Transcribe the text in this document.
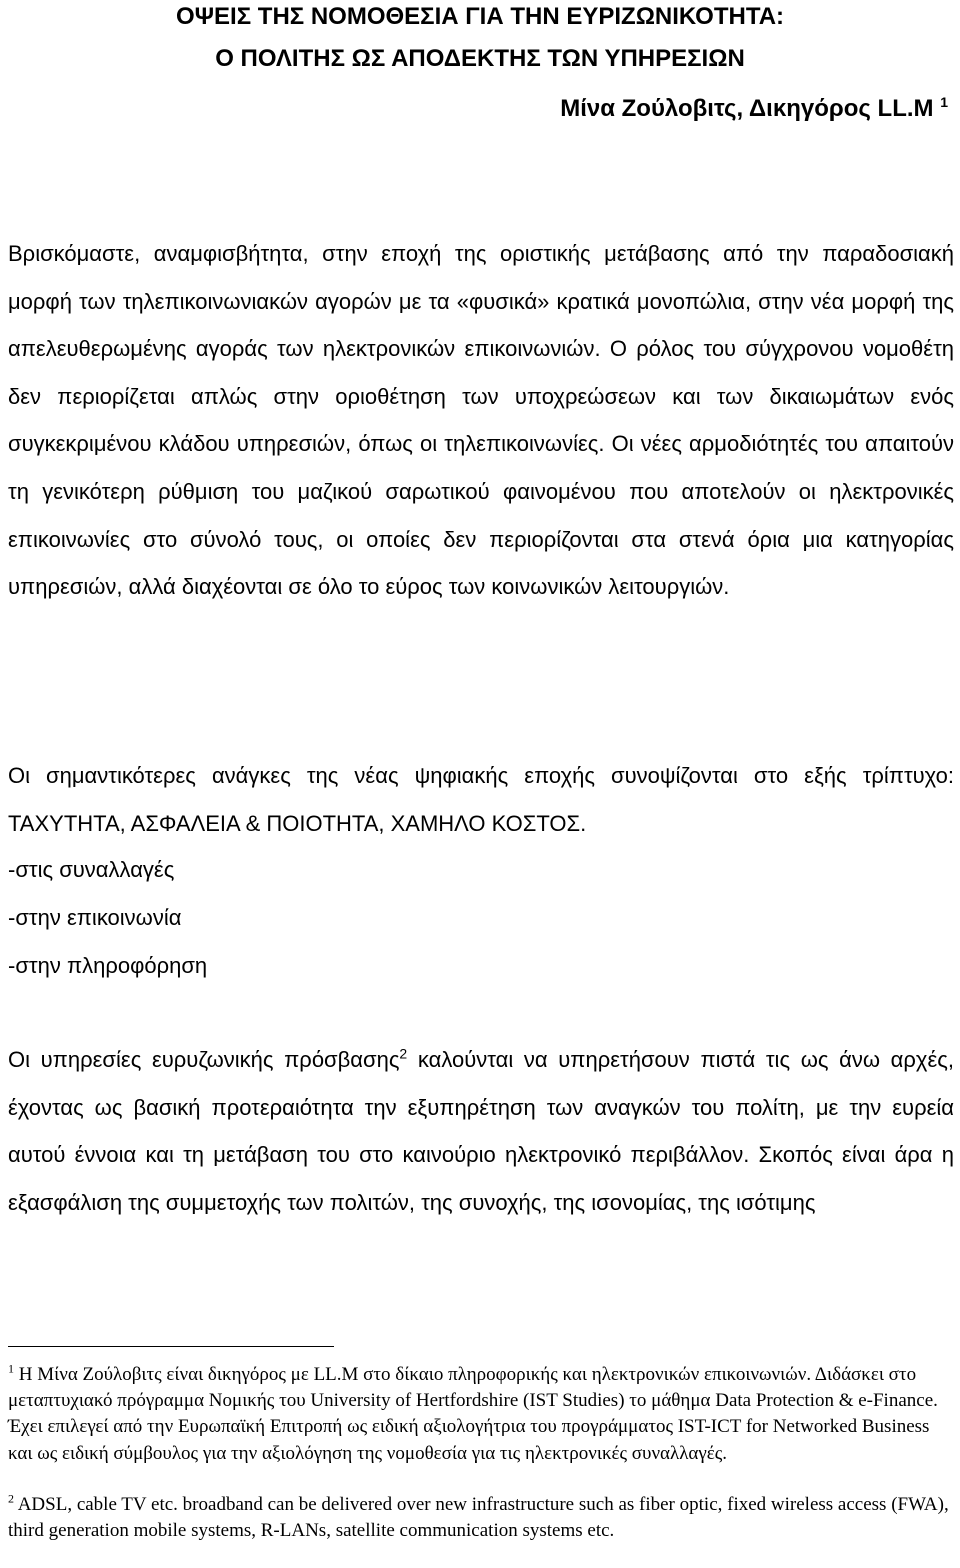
ΟΨΕΙΣ ΤΗΣ ΝΟΜΟΘΕΣΙΑ ΓΙΑ ΤΗΝ ΕΥΡΙΖΩΝΙΚΟΤΗΤΑ:
Ο ΠΟΛΙΤΗΣ ΩΣ ΑΠΟΔΕΚΤΗΣ ΤΩΝ ΥΠΗΡΕΣΙΩΝ
Μίνα Ζούλοβιτς, Δικηγόρος LL.M $^1$

Βρισκόμαστε, αναμφισβήτητα, στην εποχή της οριστικής μετάβασης από την παραδοσιακή μορφή των τηλεπικοινωνιακών αγορών με τα «φυσικά» κρατικά μονοπώλια, στην νέα μορφή της απελευθερωμένης αγοράς των ηλεκτρονικών επικοινωνιών. Ο ρόλος του σύγχρονου νομοθέτη δεν περιορίζεται απλώς στην οριοθέτηση των υποχρεώσεων και των δικαιωμάτων ενός συγκεκριμένου κλάδου υπηρεσιών, όπως οι τηλεπικοινωνίες. Οι νέες αρμοδιότητές του απαιτούν τη γενικότερη ρύθμιση του μαζικού σαρωτικού φαινομένου που αποτελούν οι ηλεκτρονικές επικοινωνίες στο σύνολό τους, οι οποίες δεν περιορίζονται στα στενά όρια μια κατηγορίας υπηρεσιών, αλλά διαχέονται σε όλο το εύρος των κοινωνικών λειτουργιών.

Οι σημαντικότερες ανάγκες της νέας ψηφιακής εποχής συνοψίζονται στο εξής τρίπτυχο: ΤΑΧΥΤΗΤΑ, ΑΣΦΑΛΕΙΑ & ΠΟΙΟΤΗΤΑ, ΧΑΜΗΛΟ ΚΟΣΤΟΣ.

-στις συναλλαγές

-στην επικοινωνία

-στην πληροφόρηση

Οι υπηρεσίες ευρυζωνικής πρόσβασης$^2$ καλούνται να υπηρετήσουν πιστά τις ως άνω αρχές, έχοντας ως βασική προτεραιότητα την εξυπηρέτηση των αναγκών του πολίτη, με την ευρεία αυτού έννοια και τη μετάβαση του στο καινούριο ηλεκτρονικό περιβάλλον. Σκοπός είναι άρα η εξασφάλιση της συμμετοχής των πολιτών, της συνοχής, της ισονομίας, της ισότιμης

$^1$ Η Μίνα Ζούλοβιτς είναι δικηγόρος με LL.M στο δίκαιο πληροφορικής και ηλεκτρονικών επικοινωνιών. Διδάσκει στο μεταπτυχιακό πρόγραμμα Νομικής του University of Hertfordshire (IST Studies) το μάθημα Data Protection & e-Finance. Έχει επιλεγεί από την Ευρωπαϊκή Επιτροπή ως ειδική αξιολογήτρια του προγράμματος IST-ICT for Networked Business και ως ειδική σύμβουλος για την αξιολόγηση της νομοθεσία για τις ηλεκτρονικές συναλλαγές.

$^2$ ADSL, cable TV etc. broadband can be delivered over new infrastructure such as fiber optic, fixed wireless access (FWA), third generation mobile systems, R-LANs, satellite communication systems etc.
